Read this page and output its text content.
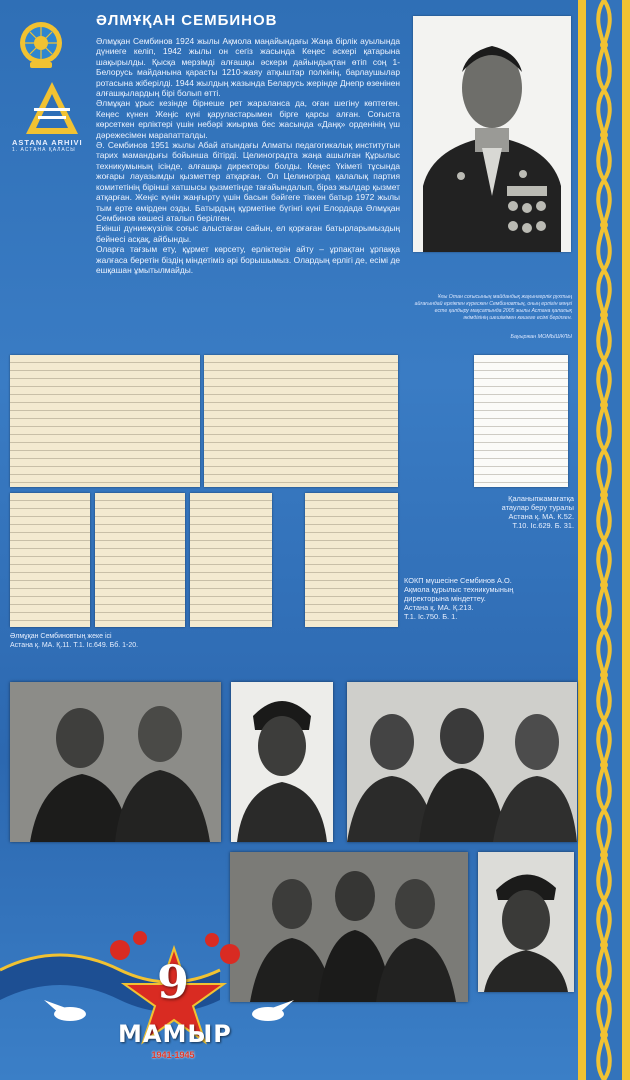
ASTANA ARHIVI
1. АСТАНА ҚАЛАСЫ
ӘЛМҰҚАН СЕМБИНОВ

Әлмұқан Сембинов 1924 жылы Ақмола маңайындағы Жаңа бірлік ауылында дүниеге келіп, 1942 жылы он сегіз жасында Кеңес әскері қатарына шақырылды. Қысқа мерзімді алғашқы әскери дайындықтан өтіп соң 1-Белорусь майданына қарасты 1210-жаяу атқыштар полкінің, барлаушылар ротасына жіберілді. 1944 жылдың жазында Беларусь жерінде Днепр өзенінен алғашқылардың бірі болып өтті.

Әлмұқан ұрыс кезінде бірнеше рет жараланса да, оған шегіну көптеген. Кеңес күнен Жеңіс күні қаруластарымен бірге қарсы алған. Соғыста көрсеткен ерліктері үшін небәрі жиырма бес жасында «Даңқ» орденінің үш дәрежесімен марапатталды.

Ә. Сембинов 1951 жылы Абай атындағы Алматы педагогикалық институтын тарих мамандығы бойынша бітірді. Целиноградта жаңа ашылған Құрылыс техникумының ісінде, алғашқы директоры болды. Кеңес Үкіметі тұсында жоғары лауазымды қызметтер атқарған. Ол Целиноград қалалық партия комитетінің бірінші хатшысы қызметінде тағайындалып, біраз жылдар қызмет атқарған. Жеңіс күнін жаңғырту үшін басын бәйгеге тіккен батыр 1972 жылы тым ерте өмірден озды. Батырдың құрметіне бүгінгі күні Елордада Әлмұқан Сембинов көшесі аталып берілген.

Екінші дүниежүзілік соғыс алыстаған сайын, ел қорғаған батырларымыздың бейнесі асқақ, айбынды.

Оларға тағзым ету, құрмет көрсету, ерліктерін айту – ұрпақтан ұрпаққа жалғаса беретін біздің міндетіміз әрі борышымыз. Олардың ерлігі де, есімі де ешқашан ұмытылмайды.

Ұлы Отан соғысының майдандық жауынгерлік рухтың айғағындай ерлікпен күрескен Сембиновтың, оның ерлігін мәңгі есте қалдыру мақсатында 2005 жылы Астана қалалық әкімдігінің шешімімен көшеге есімі берілген.
Бауыржан МОМЫШҰЛЫ
Қаланыпжамағатқа
атаулар беру туралы
Астана қ. МА. К.52.
Т.10. Іс.629. Б. 31.
КОКП мүшесіне Сембинов А.О.
Ақмола құрылыс техникумының
директорына міндеттеу.
Астана қ. МА. Қ.213.
Т.1. Іс.750. Б. 1.
Әлмұқан Сембиновтың жеке ісі
Астана қ. МА. Қ.11. Т.1. Іс.649. Бб. 1-20.
9
МАМЫР
1941-1945
